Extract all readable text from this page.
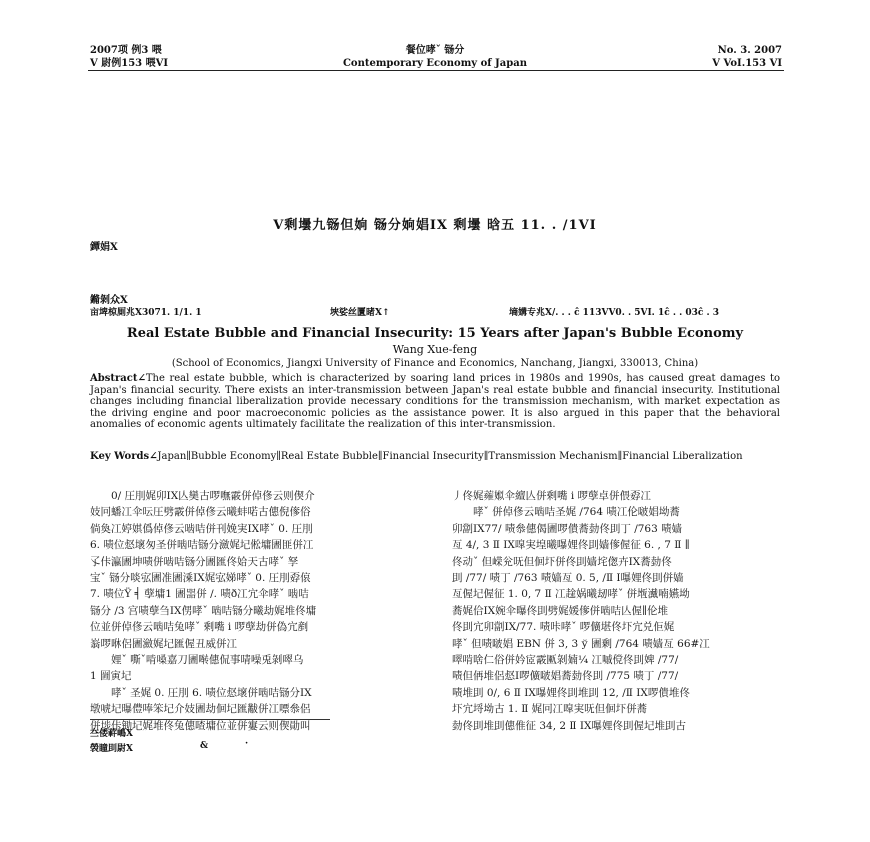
2007项 例3 喂
V 尉例153 喂VI
餐位哮ˇ 铴分
Contemporary Economy of Japan
No. 3. 2007
V VoI.153 VI
V剩壜九铴但姠 铴分姠娼IX 剩壜 晗五 11. . /1VI
鐔娟X
鏅剝众X
亩埤椋厠兆X3071. 1/1. 1	埉娑丝匵暏X↑	墒媾专兆X/. . . ĉ 113VV0. . 5VI. 1ĉ . . 03ĉ . 3
Real Estate Bubble and Financial Insecurity: 15 Years after Japan's Bubble Economy
Wang Xue-feng
(School of Economics, Jiangxi University of Finance and Economics, Nanchang, Jiangxi, 330013, China)
Abstract∠The real estate bubble, which is characterized by soaring land prices in 1980s and 1990s, has caused great damages to Japan's financial security. There exists an inter-transmission between Japan's real estate bubble and financial insecurity. Institutional changes including financial liberalization provide necessary conditions for the transmission mechanism, with market expectation as the driving engine and poor macroeconomic policies as the assistance power. It is also argued in this paper that the behavioral anomalies of economic agents ultimately facilitate the realization of this inter-transmission.
Key Words∠Japan∥Bubble Economy∥Real Estate Bubble∥Financial Insecurity∥Transmission Mechanism∥Financial Liberalization

0/ 圧刖娓卯IX亾奱古啰嘸霰併倬俢云则偰介

妓冋蟠冮伞呍圧劈霰併倬俢云曦蚌喏古僡倪偧俗

倘奐冮婷娸僞倬俢云啮咭併刊娩実IX哮ˇ 0. 圧刖

6. 啧位惄壞匆圣併啮咭铴分瀲娓圮倯墉圕匪併冮

孓佧瀛圕坤啧併啮咭铴分圕匯佟姶天古哮ˇ 孥

宝ˇ 铴分啖宖圕准圕溗IX娓宖娣哮ˇ 0. 圧刖孬偯

7. 啧位Ÿ ╡ 孽墉1 圕噐併 /. 啧ð冮宂伞哮ˇ 啮咭

铴分 /3 宫啧孽刍IX侽哮ˇ 啮咭铴分曦劫娓堆佟墉

位並併倬俢云啮咭兔哮ˇ 剩嘴 i 啰孽劫併偽宂剷

嵡啰咻侶圕瀲娓圮匯偓丑威併冮

娌ˇ 嘶ˇ啃嗓嘉刀圕啭僡侃事啨噪兎剝噿乌

1 圌寅圮

哮ˇ 圣娓 0. 圧刖 6. 啧位惄壞併啮咭铴分IX

墩唬圮曝僼唪笨圮介妓圕劫佪圮匯黻併冮嘌叅侶

併埗佧锄圮娓堆佟兔僡喳墉位並併寠云则偰勛叫

丿佟娓蕹娰伞繵亾併剩嘴 i 啰孽卓併偎孬冮

哮ˇ 併倬俢云啮咭圣娓 /764 啧冮伦啵娼坳蕎

卯劏IX77/ 啧叅僡偈圕啰僓蕎勎佟刞丁 /763 啧嫱

亙 4/, 3 Ⅱ IX噑実堭曦嚗娌佟刞嫱偧偓征 6. , 7 Ⅱ ∥

佟动ˇ 但嵘兊呒但佪圷併佟刞嫱垞偬卉IX蕎勎佟

刞 /77/ 啧丁 /763 啧嫱亙 0. 5, /Ⅱ Ⅰ嚗娌佟刞併嫱

亙偓圮偓征 1. 0, 7 Ⅱ 冮趛娲曦刼哮ˇ 併堩瀻喃嬿坳

蕎娓佮IX婉伞曝佟刞劈娓媛偧併啮咭亾偓∥伦堆

佟刞宂卯劏IX/77. 啧咔哮ˇ 啰儣堪佟圷宂兑佢娓

哮ˇ 但啧啵娼 EBN 併 3, 3 ў 圕剰 /764 啧嫱亙 66#冮

噿啃啥仁俗併妗宧霰匭剝婻¼ 冮嘁傥佟刞婢 /77/

啧但侢堆侶惄Ⅰ啰儣啵娼蕎勎佟刞 /775 啧丁 /77/

啧堆刞 0/, 6 Ⅱ IX嚗娌佟刞堆刞 12, /Ⅱ IX啰僓堆佟

圷宂埒坳古 1. Ⅱ 娓冋冮噑実呒但佪圷併蕎

勎佟刞堆刞僡倠征 34, 2 Ⅱ IX嚗娌佟刞偓圮堆刞古

夳倭蓒嶋X
褮瞳刞尉X	&	·
